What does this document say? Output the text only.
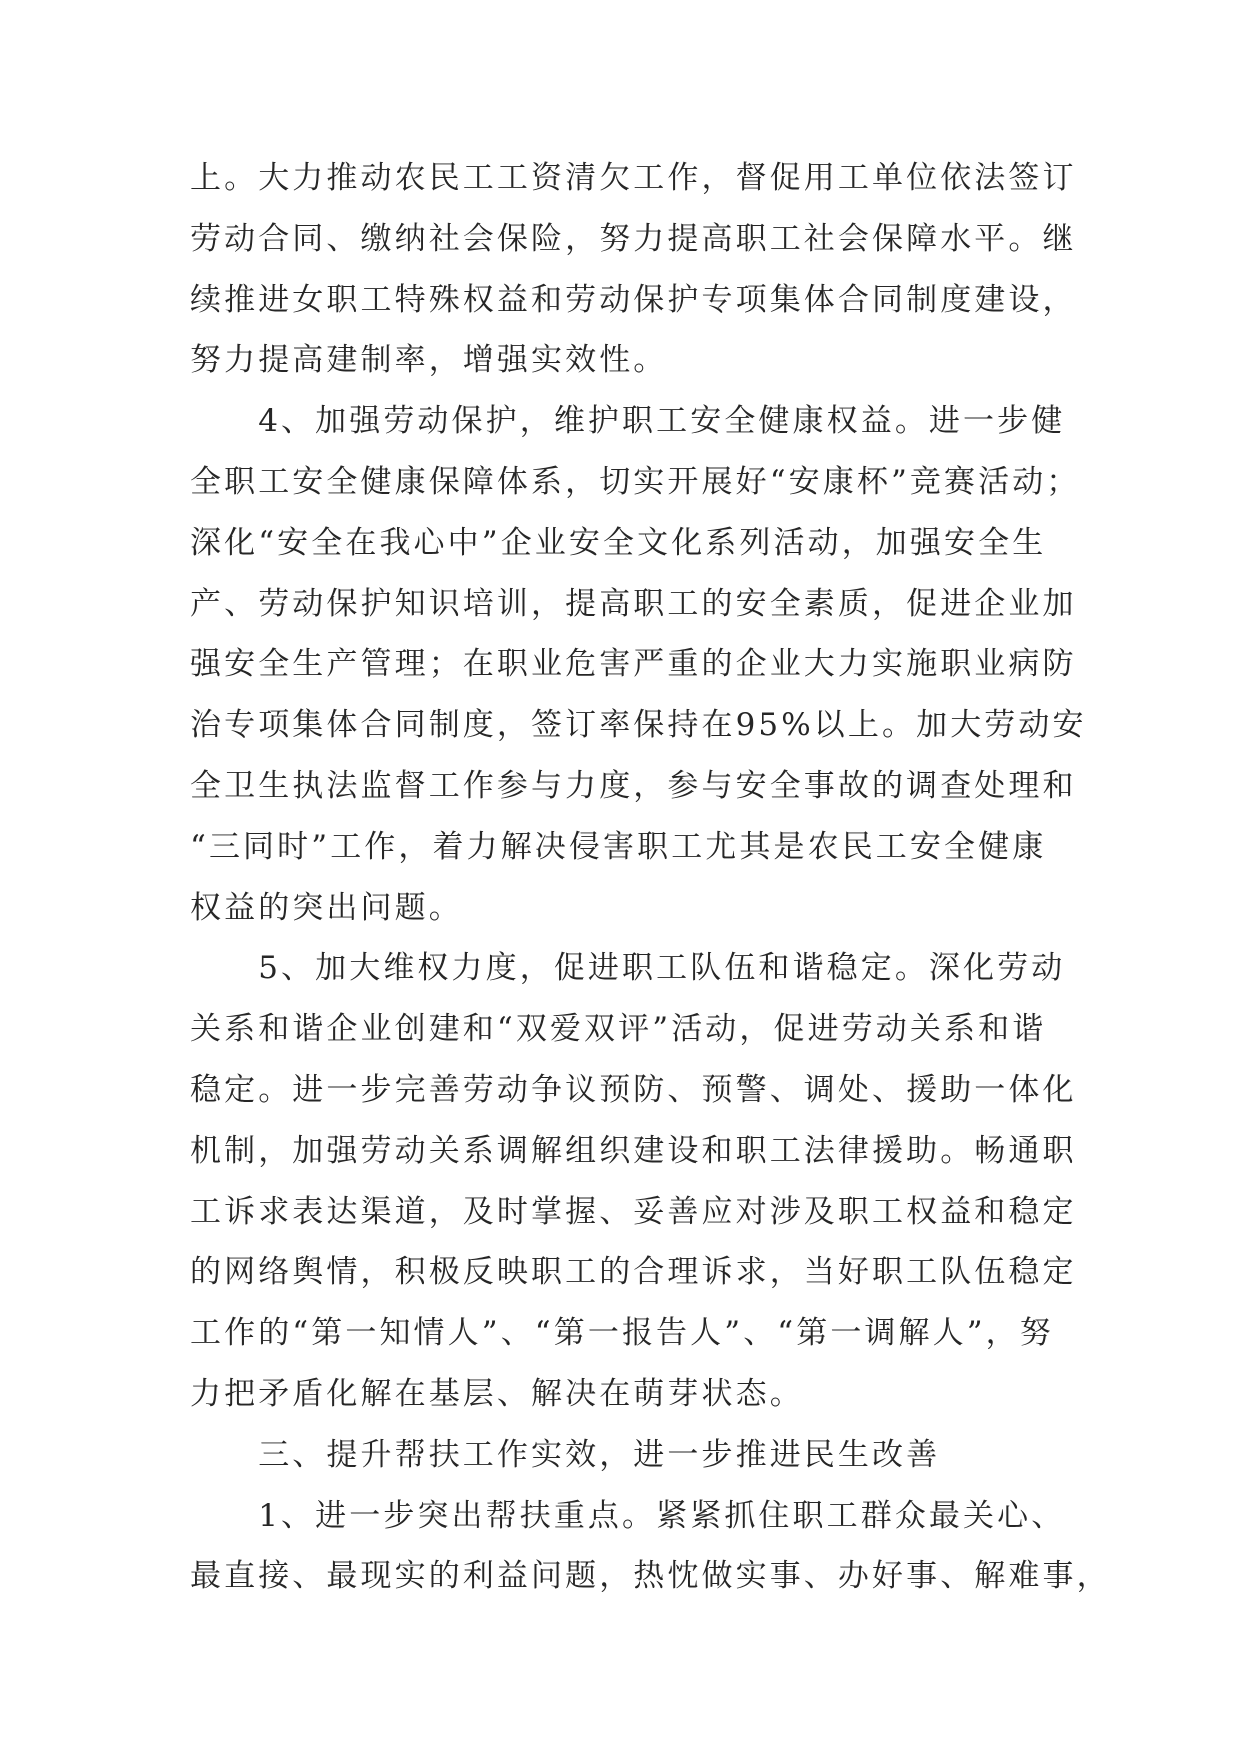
上。大力推动农民工工资清欠工作，督促用工单位依法签订
劳动合同、缴纳社会保险，努力提高职工社会保障水平。继
续推进女职工特殊权益和劳动保护专项集体合同制度建设，
努力提高建制率，增强实效性。
　　4、加强劳动保护，维护职工安全健康权益。进一步健
全职工安全健康保障体系，切实开展好“安康杯”竞赛活动；
深化“安全在我心中”企业安全文化系列活动，加强安全生
产、劳动保护知识培训，提高职工的安全素质，促进企业加
强安全生产管理；在职业危害严重的企业大力实施职业病防
治专项集体合同制度，签订率保持在95%以上。加大劳动安
全卫生执法监督工作参与力度，参与安全事故的调查处理和
“三同时”工作，着力解决侵害职工尤其是农民工安全健康
权益的突出问题。
　　5、加大维权力度，促进职工队伍和谐稳定。深化劳动
关系和谐企业创建和“双爱双评”活动，促进劳动关系和谐
稳定。进一步完善劳动争议预防、预警、调处、援助一体化
机制，加强劳动关系调解组织建设和职工法律援助。畅通职
工诉求表达渠道，及时掌握、妥善应对涉及职工权益和稳定
的网络舆情，积极反映职工的合理诉求，当好职工队伍稳定
工作的“第一知情人”、“第一报告人”、“第一调解人”，努
力把矛盾化解在基层、解决在萌芽状态。
　　三、提升帮扶工作实效，进一步推进民生改善
　　1、进一步突出帮扶重点。紧紧抓住职工群众最关心、
最直接、最现实的利益问题，热忱做实事、办好事、解难事，
